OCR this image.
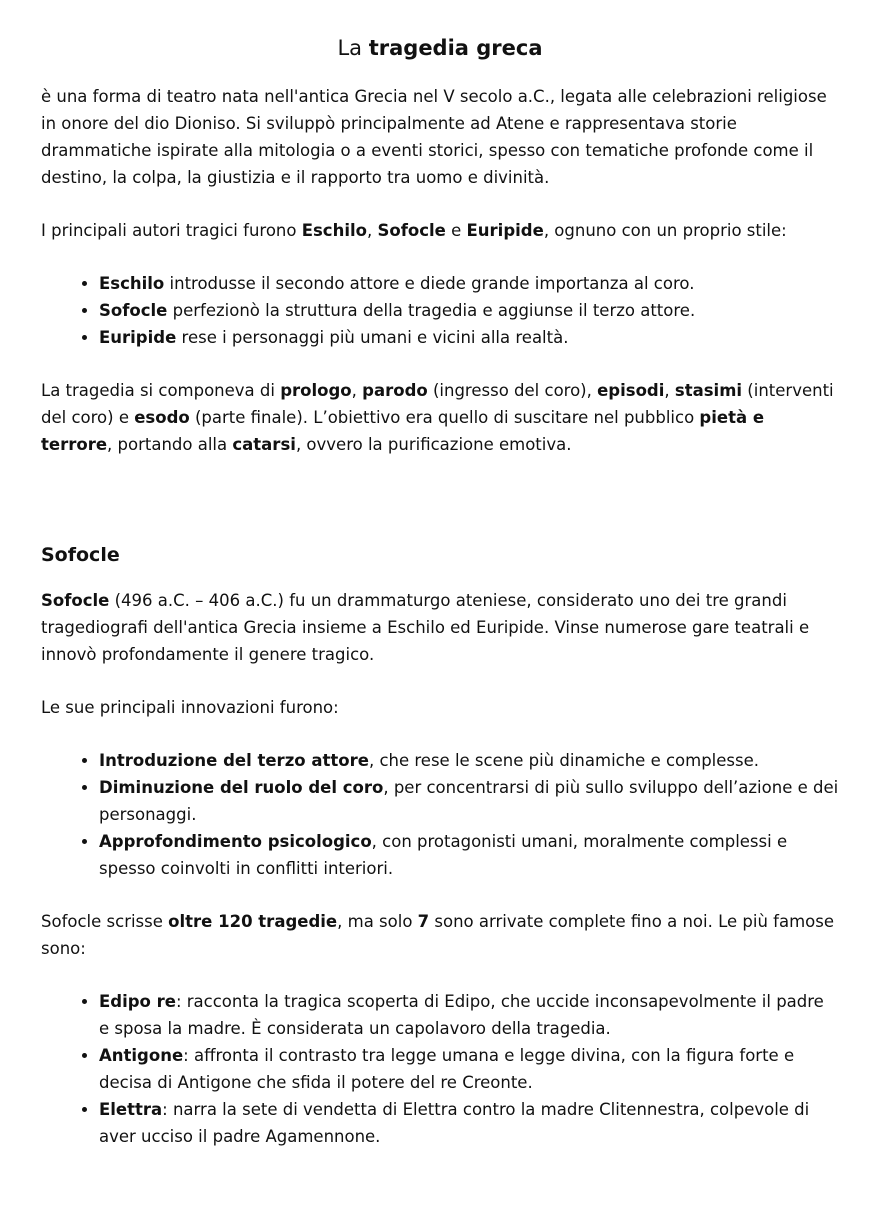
La tragedia greca

è una forma di teatro nata nell'antica Grecia nel V secolo a.C., legata alle celebrazioni religiose in onore del dio Dioniso. Si sviluppò principalmente ad Atene e rappresentava storie drammatiche ispirate alla mitologia o a eventi storici, spesso con tematiche profonde come il destino, la colpa, la giustizia e il rapporto tra uomo e divinità.

I principali autori tragici furono Eschilo, Sofocle e Euripide, ognuno con un proprio stile:

• Eschilo introdusse il secondo attore e diede grande importanza al coro.
• Sofocle perfezionò la struttura della tragedia e aggiunse il terzo attore.
• Euripide rese i personaggi più umani e vicini alla realtà.

La tragedia si componeva di prologo, parodo (ingresso del coro), episodi, stasimi (interventi del coro) e esodo (parte finale). L’obiettivo era quello di suscitare nel pubblico pietà e terrore, portando alla catarsi, ovvero la purificazione emotiva.

Sofocle

Sofocle (496 a.C. – 406 a.C.) fu un drammaturgo ateniese, considerato uno dei tre grandi tragediografi dell'antica Grecia insieme a Eschilo ed Euripide. Vinse numerose gare teatrali e innovò profondamente il genere tragico.

Le sue principali innovazioni furono:

• Introduzione del terzo attore, che rese le scene più dinamiche e complesse.
• Diminuzione del ruolo del coro, per concentrarsi di più sullo sviluppo dell’azione e dei personaggi.
• Approfondimento psicologico, con protagonisti umani, moralmente complessi e spesso coinvolti in conflitti interiori.

Sofocle scrisse oltre 120 tragedie, ma solo 7 sono arrivate complete fino a noi. Le più famose sono:

• Edipo re: racconta la tragica scoperta di Edipo, che uccide inconsapevolmente il padre e sposa la madre. È considerata un capolavoro della tragedia.
• Antigone: affronta il contrasto tra legge umana e legge divina, con la figura forte e decisa di Antigone che sfida il potere del re Creonte.
• Elettra: narra la sete di vendetta di Elettra contro la madre Clitennestra, colpevole di aver ucciso il padre Agamennone.
